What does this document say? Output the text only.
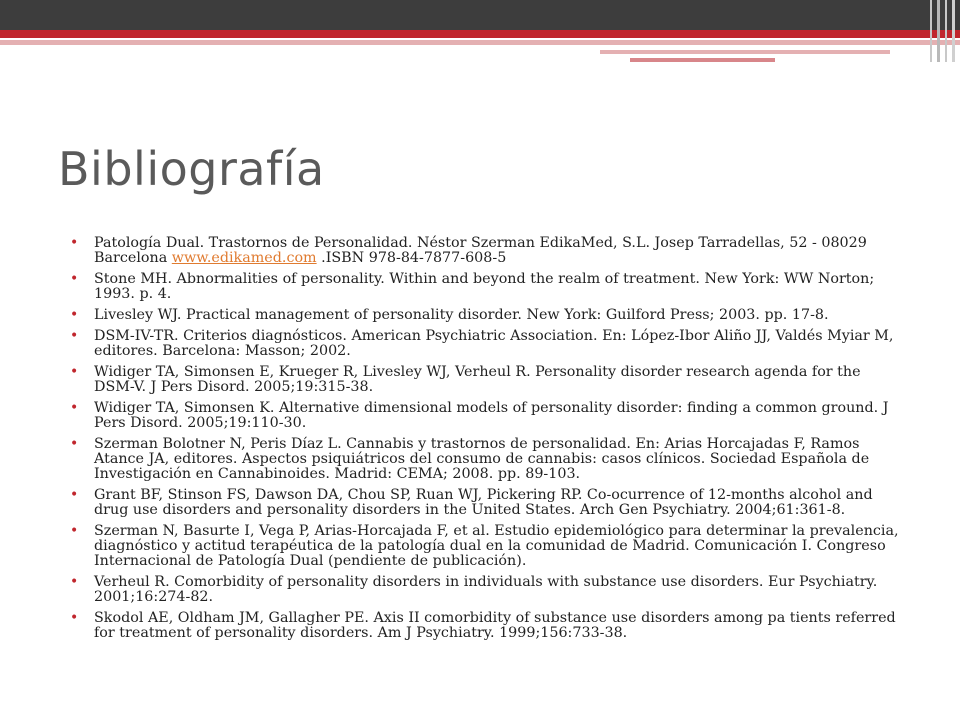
Bibliografía
• Patología Dual. Trastornos de Personalidad. Néstor Szerman EdikaMed, S.L. Josep Tarradellas, 52 - 08029 Barcelona www.edikamed.com .ISBN 978-84-7877-608-5
• Stone MH. Abnormalities of personality. Within and beyond the realm of treatment. New York: WW Norton; 1993. p. 4.
• Livesley WJ. Practical management of personality disorder. New York: Guilford Press; 2003. pp. 17-8.
• DSM-IV-TR. Criterios diagnósticos. American Psychiatric Association. En: López-Ibor Aliño JJ, Valdés Myiar M, editores. Barcelona: Masson; 2002.
• Widiger TA, Simonsen E, Krueger R, Livesley WJ, Verheul R. Personality disorder research agenda for the DSM-V. J Pers Disord. 2005;19:315-38.
• Widiger TA, Simonsen K. Alternative dimensional models of personality disorder: finding a common ground. J Pers Disord. 2005;19:110-30.
• Szerman Bolotner N, Peris Díaz L. Cannabis y trastornos de personalidad. En: Arias Horcajadas F, Ramos Atance JA, editores. Aspectos psiquiátricos del consumo de cannabis: casos clínicos. Sociedad Española de Investigación en Cannabinoides. Madrid: CEMA; 2008. pp. 89-103.
• Grant BF, Stinson FS, Dawson DA, Chou SP, Ruan WJ, Pickering RP. Co-ocurrence of 12-months alcohol and drug use disorders and personality disorders in the United States. Arch Gen Psychiatry. 2004;61:361-8.
• Szerman N, Basurte I, Vega P, Arias-Horcajada F, et al. Estudio epidemiológico para determinar la prevalencia, diagnóstico y actitud terapéutica de la patología dual en la comunidad de Madrid. Comunicación I. Congreso Internacional de Patología Dual (pendiente de publicación).
• Verheul R. Comorbidity of personality disorders in individuals with substance use disorders. Eur Psychiatry. 2001;16:274-82.
• Skodol AE, Oldham JM, Gallagher PE. Axis II comorbidity of substance use disorders among pa tients referred for treatment of personality disorders. Am J Psychiatry. 1999;156:733-38.
